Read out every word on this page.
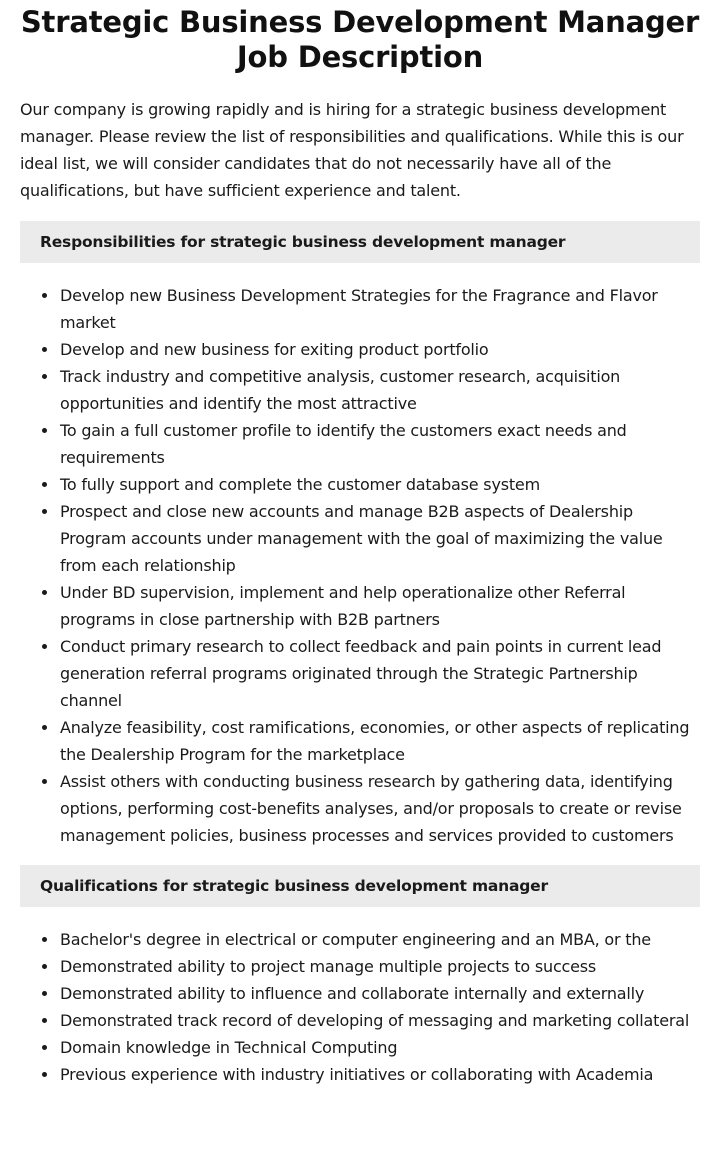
Strategic Business Development Manager Job Description

Our company is growing rapidly and is hiring for a strategic business development manager. Please review the list of responsibilities and qualifications. While this is our ideal list, we will consider candidates that do not necessarily have all of the qualifications, but have sufficient experience and talent.

Responsibilities for strategic business development manager
Develop new Business Development Strategies for the Fragrance and Flavor market
Develop and new business for exiting product portfolio
Track industry and competitive analysis, customer research, acquisition opportunities and identify the most attractive
To gain a full customer profile to identify the customers exact needs and requirements
To fully support and complete the customer database system
Prospect and close new accounts and manage B2B aspects of Dealership Program accounts under management with the goal of maximizing the value from each relationship
Under BD supervision, implement and help operationalize other Referral programs in close partnership with B2B partners
Conduct primary research to collect feedback and pain points in current lead generation referral programs originated through the Strategic Partnership channel
Analyze feasibility, cost ramifications, economies, or other aspects of replicating the Dealership Program for the marketplace
Assist others with conducting business research by gathering data, identifying options, performing cost-benefits analyses, and/or proposals to create or revise management policies, business processes and services provided to customers
Qualifications for strategic business development manager
Bachelor's degree in electrical or computer engineering and an MBA, or the
Demonstrated ability to project manage multiple projects to success
Demonstrated ability to influence and collaborate internally and externally
Demonstrated track record of developing of messaging and marketing collateral
Domain knowledge in Technical Computing
Previous experience with industry initiatives or collaborating with Academia
